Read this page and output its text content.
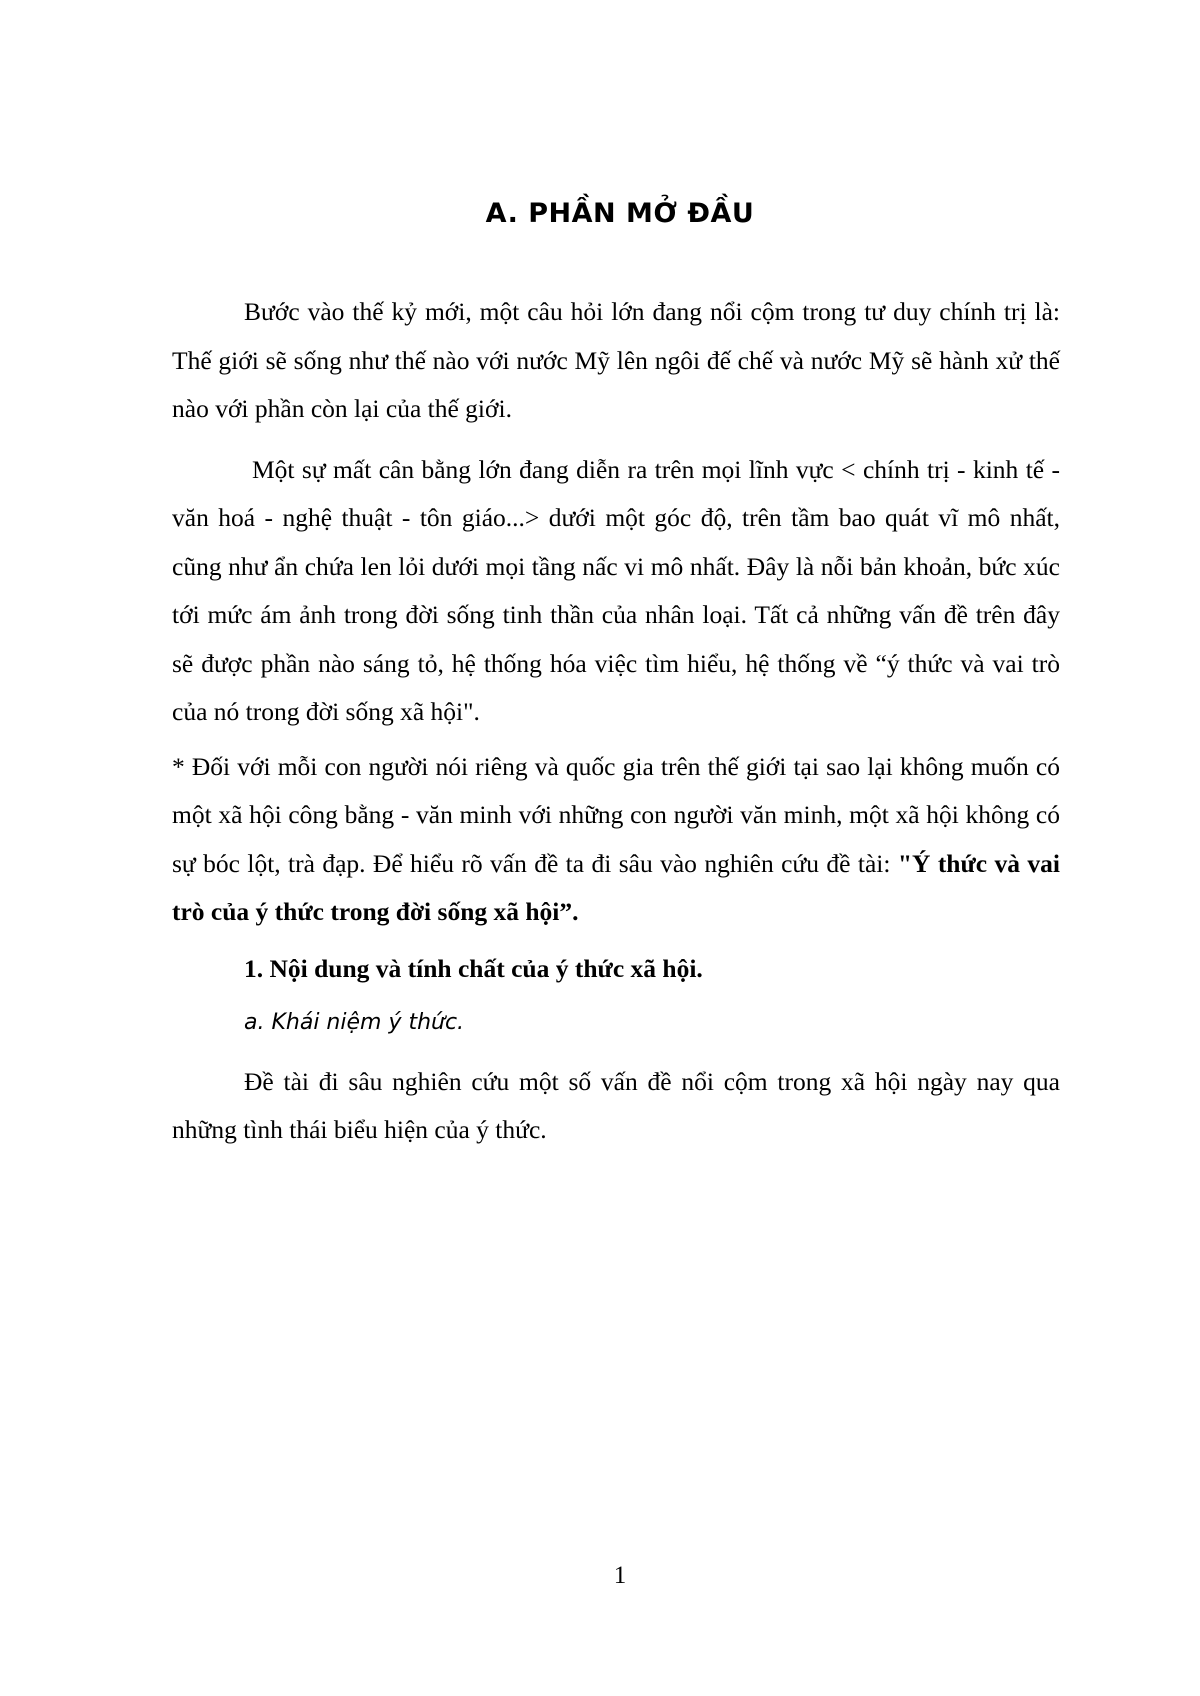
A. PHẦN MỞ ĐẦU

Bước vào thế kỷ mới, một câu hỏi lớn đang nổi cộm trong tư duy chính trị là: Thế giới sẽ sống như thế nào với nước Mỹ lên ngôi đế chế và nước Mỹ sẽ hành xử thế nào với phần còn lại của thế giới.

Một sự mất cân bằng lớn đang diễn ra trên mọi lĩnh vực < chính trị - kinh tế - văn hoá - nghệ thuật - tôn giáo...> dưới một góc độ, trên tầm bao quát vĩ mô nhất, cũng như ẩn chứa len lỏi dưới mọi tầng nấc vi mô nhất. Đây là nỗi bản khoản, bức xúc tới mức ám ảnh trong đời sống tinh thần của nhân loại. Tất cả những vấn đề trên đây sẽ được phần nào sáng tỏ, hệ thống hóa việc tìm hiểu, hệ thống về “ý thức và vai trò của nó trong đời sống xã hội".

* Đối với mỗi con người nói riêng và quốc gia trên thế giới tại sao lại không muốn có một xã hội công bằng - văn minh với những con người văn minh, một xã hội không có sự bóc lột, trà đạp. Để hiểu rõ vấn đề ta đi sâu vào nghiên cứu đề tài: "Ý thức và vai trò của ý thức trong đời sống xã hội”.

1. Nội dung và tính chất của ý thức xã hội.

a. Khái niệm ý thức.

Đề tài đi sâu nghiên cứu một số vấn đề nổi cộm trong xã hội ngày nay qua những tình thái biểu hiện của ý thức.

1
